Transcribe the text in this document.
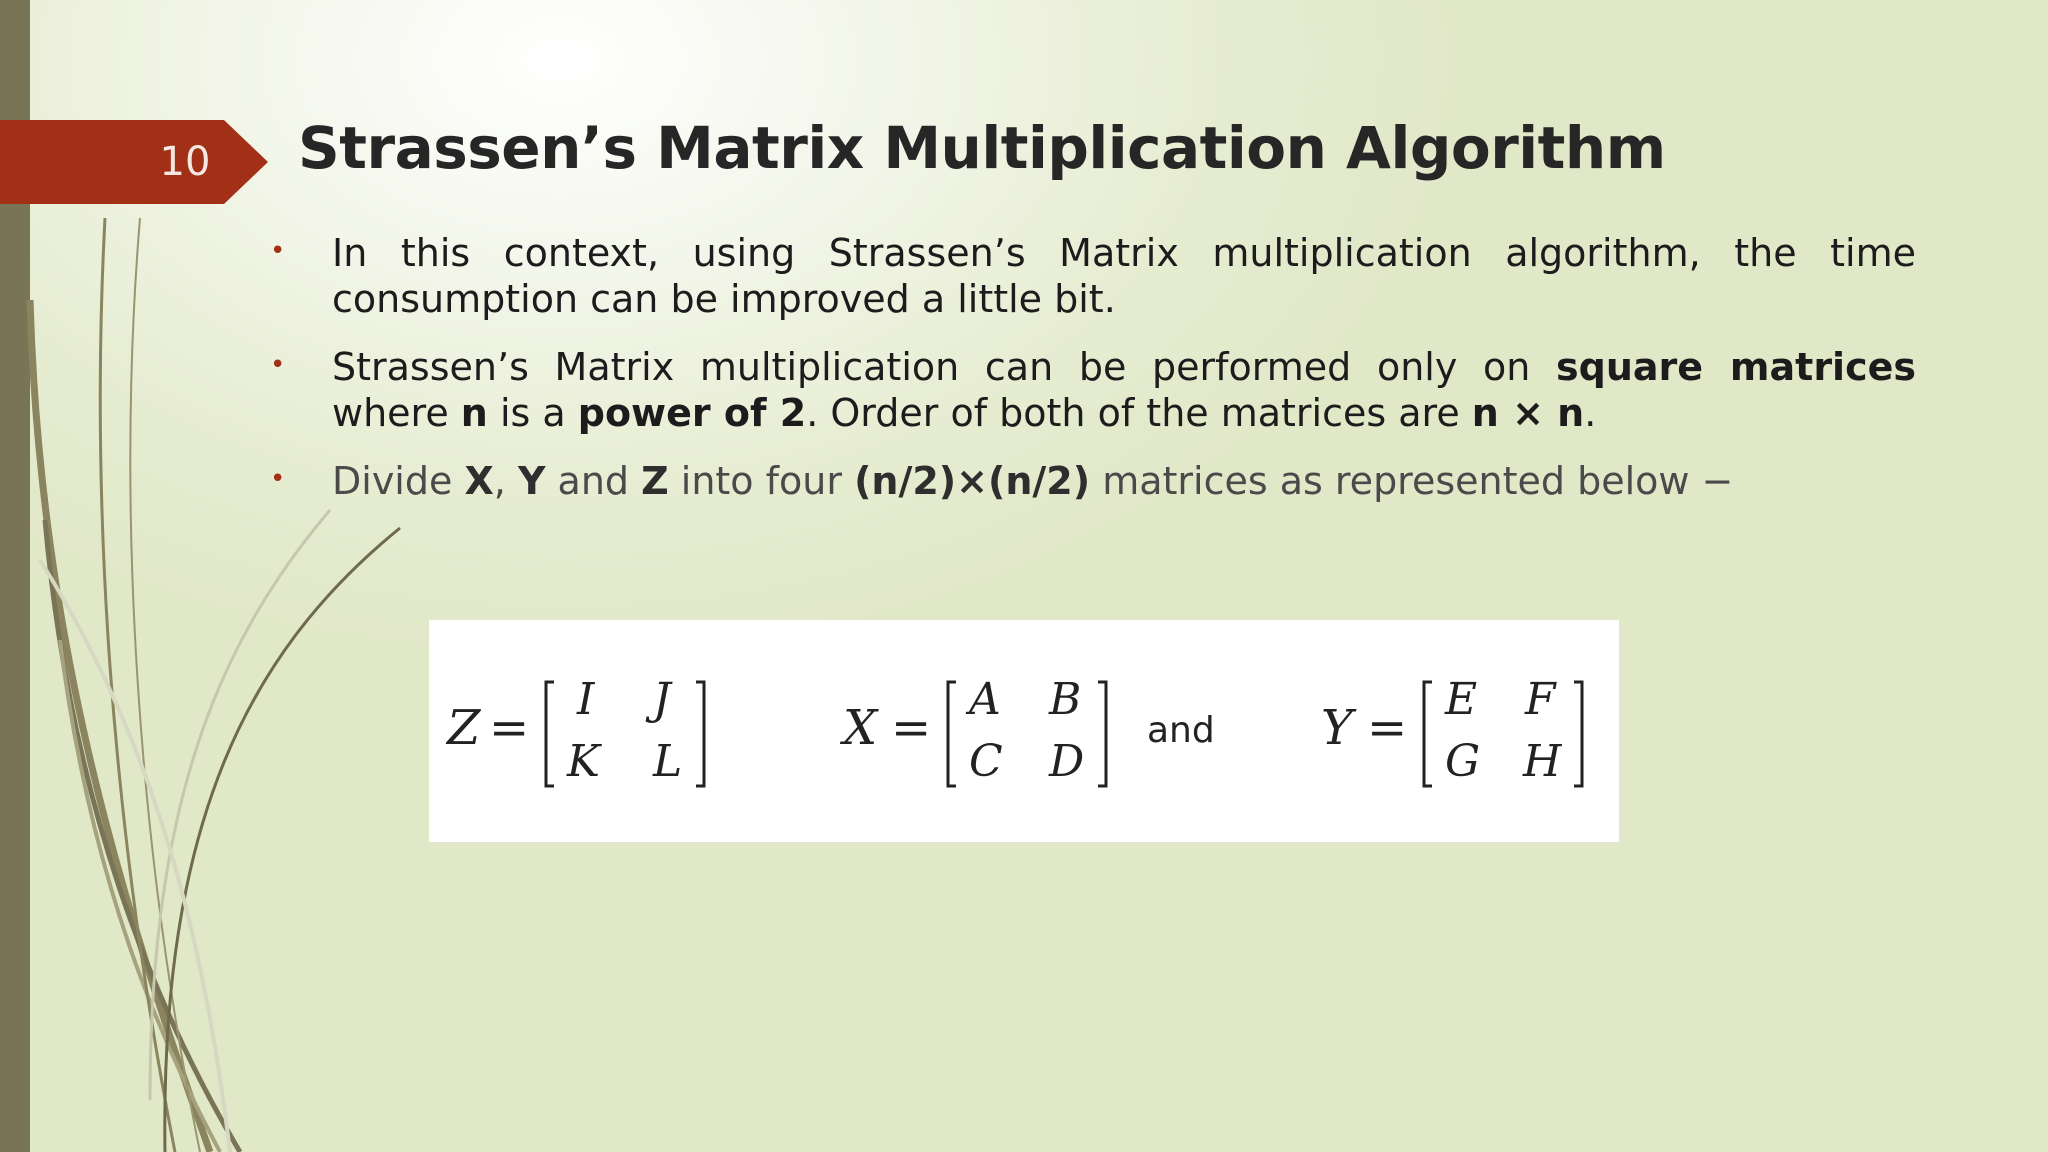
10	Strassen’s Matrix Multiplication Algorithm
• In this context, using Strassen’s Matrix multiplication algorithm, the time consumption can be improved a little bit.

• Strassen’s Matrix multiplication can be performed only on square matrices where n is a power of 2. Order of both of the matrices are n × n.

• Divide X, Y and Z into four (n/2)×(n/2) matrices as represented below −

Z =
I J
K L
X =
A B
C D
and Y =
E F
G H
